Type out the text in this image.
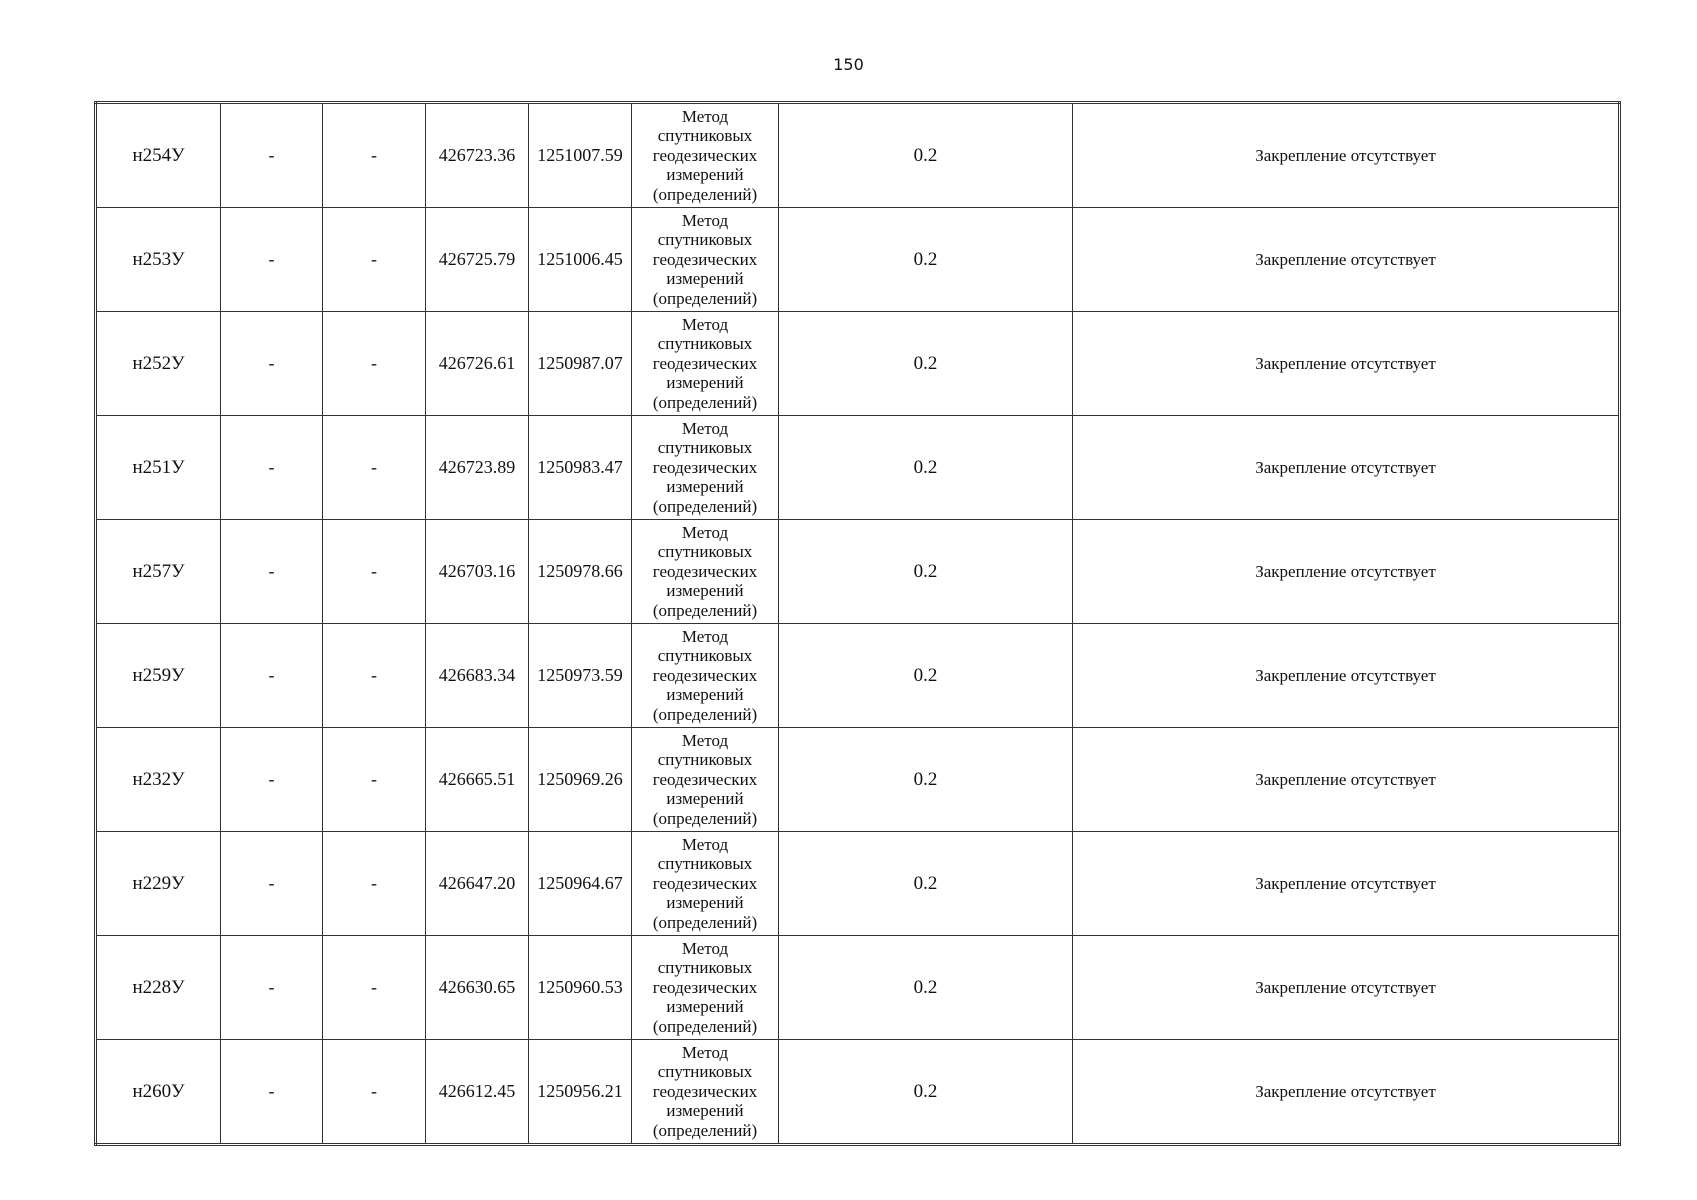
150
н254У	-	-	426723.36	1251007.59	Метод
спутниковых
геодезических
измерений
(определений)	0.2	Закрепление отсутствует
н253У	-	-	426725.79	1251006.45	Метод
спутниковых
геодезических
измерений
(определений)	0.2	Закрепление отсутствует
н252У	-	-	426726.61	1250987.07	Метод
спутниковых
геодезических
измерений
(определений)	0.2	Закрепление отсутствует
н251У	-	-	426723.89	1250983.47	Метод
спутниковых
геодезических
измерений
(определений)	0.2	Закрепление отсутствует
н257У	-	-	426703.16	1250978.66	Метод
спутниковых
геодезических
измерений
(определений)	0.2	Закрепление отсутствует
н259У	-	-	426683.34	1250973.59	Метод
спутниковых
геодезических
измерений
(определений)	0.2	Закрепление отсутствует
н232У	-	-	426665.51	1250969.26	Метод
спутниковых
геодезических
измерений
(определений)	0.2	Закрепление отсутствует
н229У	-	-	426647.20	1250964.67	Метод
спутниковых
геодезических
измерений
(определений)	0.2	Закрепление отсутствует
н228У	-	-	426630.65	1250960.53	Метод
спутниковых
геодезических
измерений
(определений)	0.2	Закрепление отсутствует
н260У	-	-	426612.45	1250956.21	Метод
спутниковых
геодезических
измерений
(определений)	0.2	Закрепление отсутствует
